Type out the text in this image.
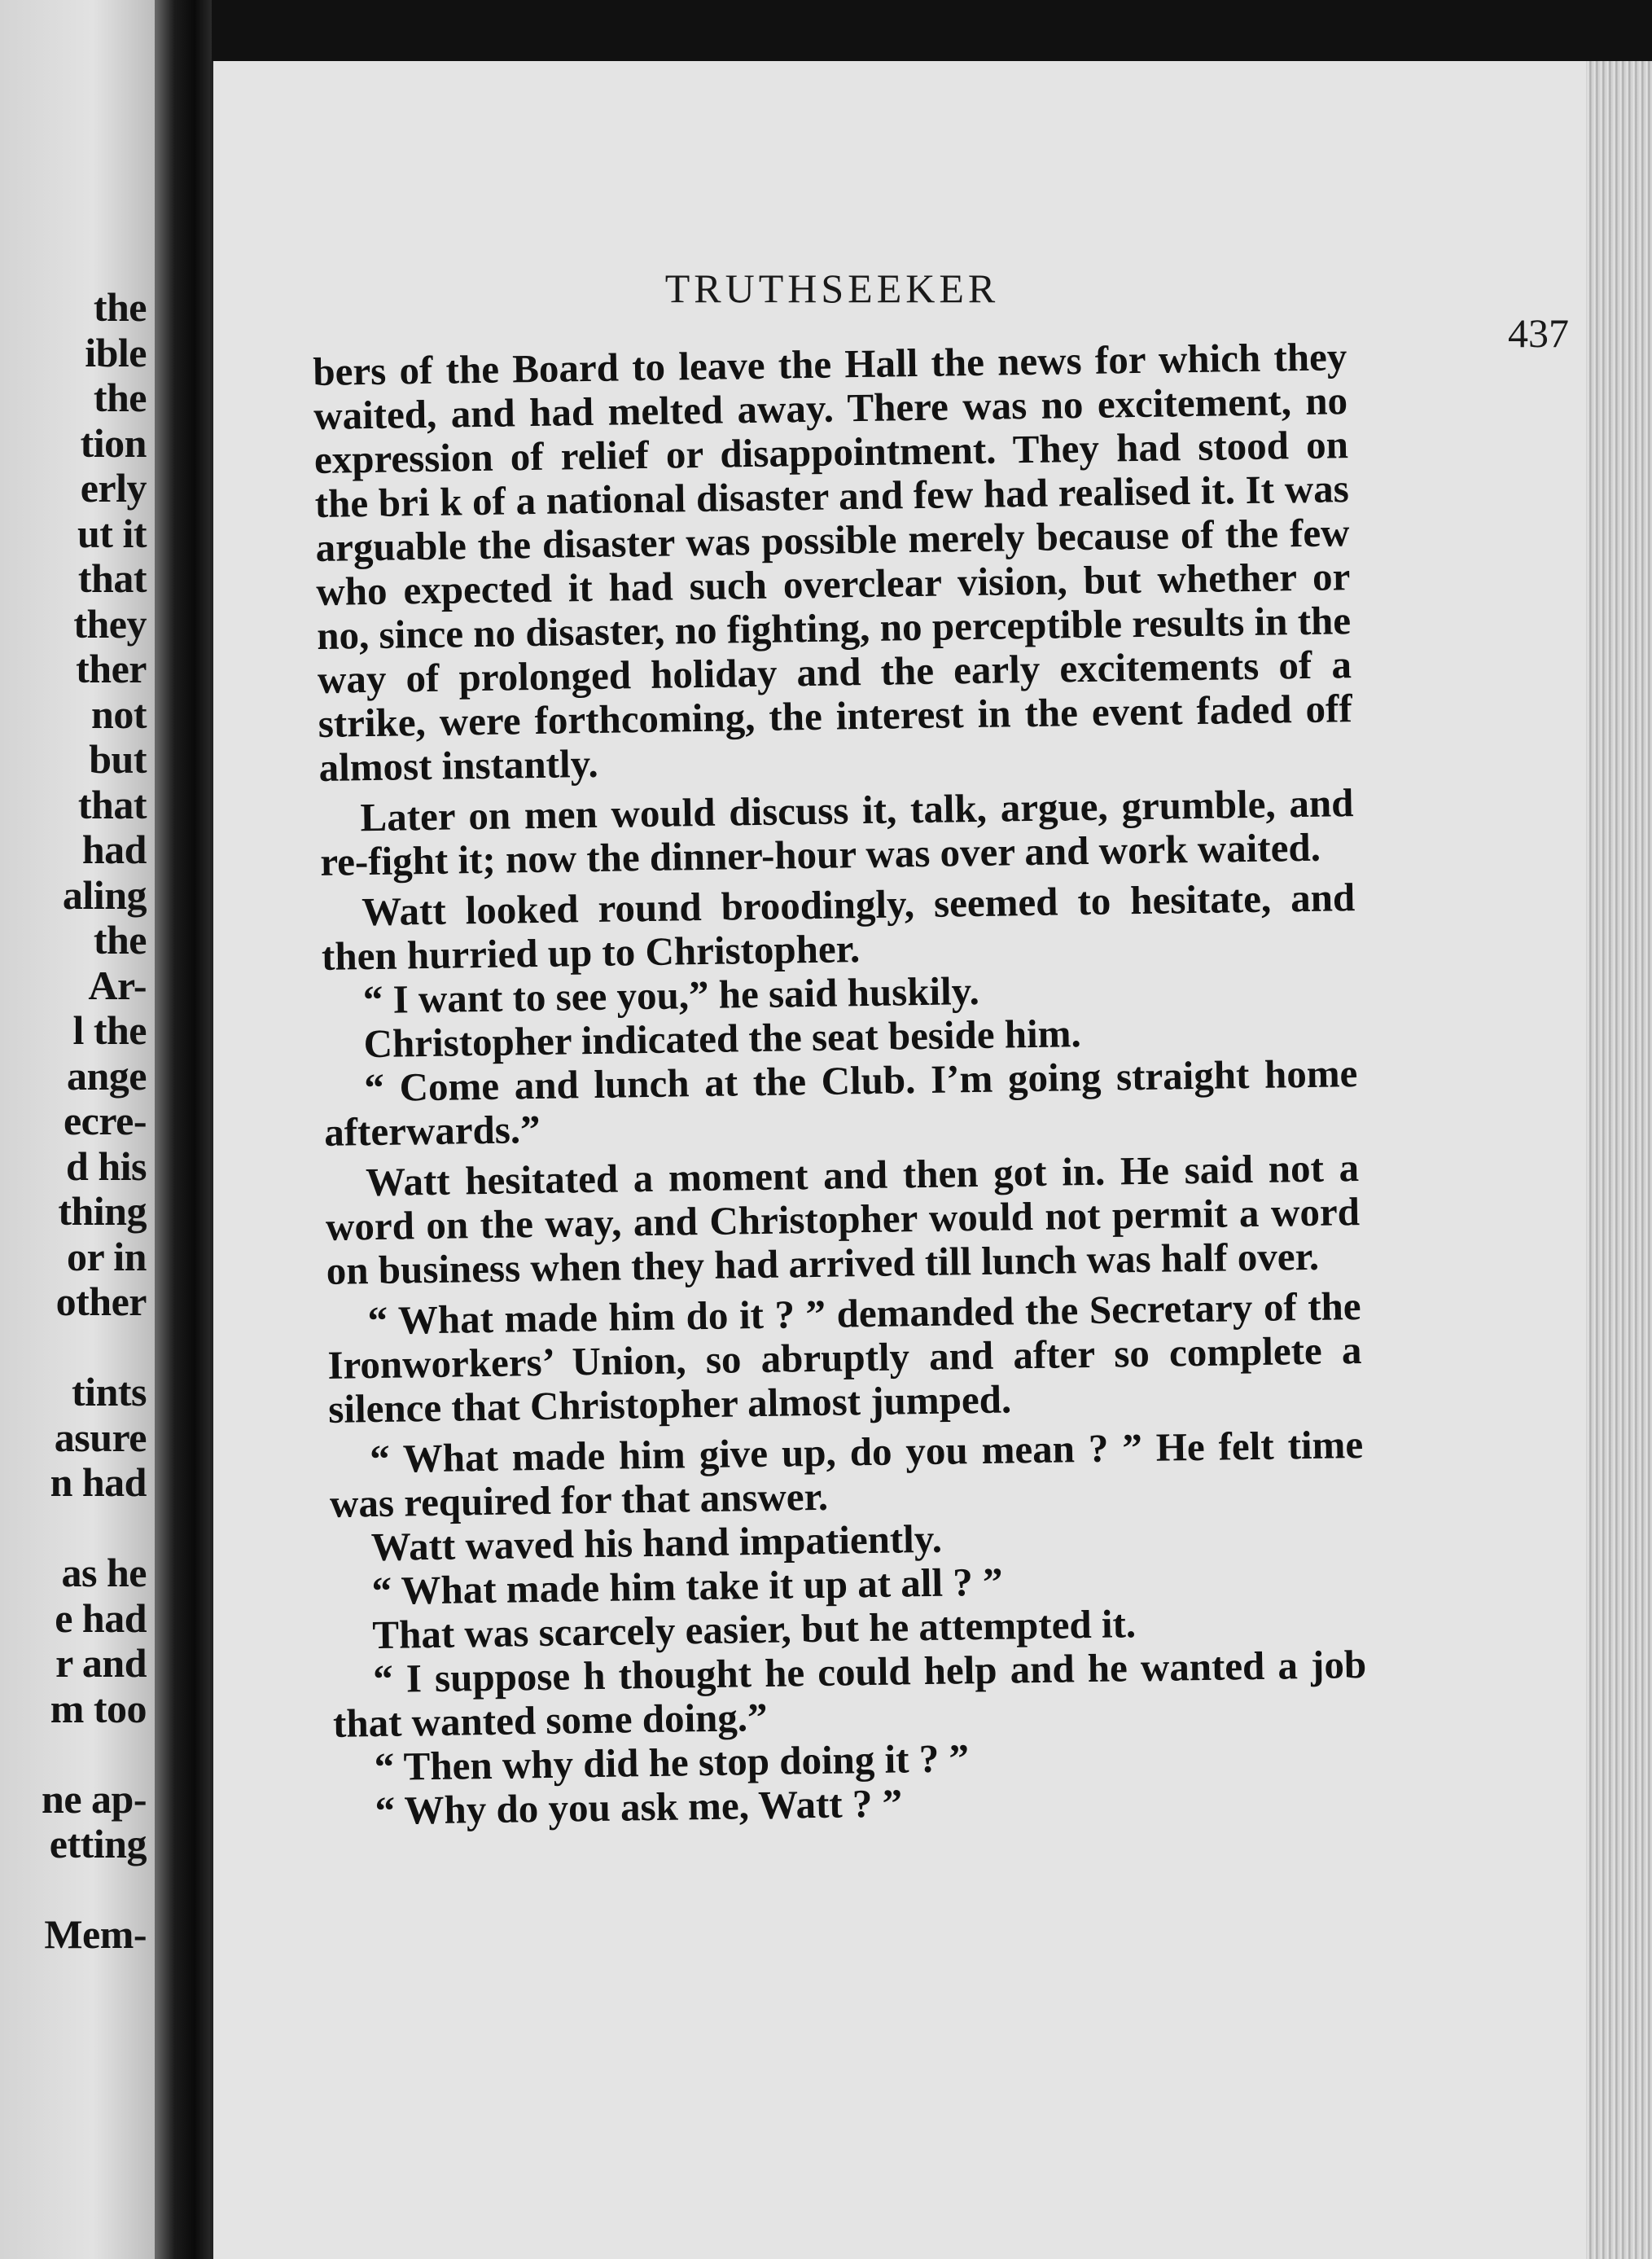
the
ible
the
tion
erly
ut it
that
they
ther
not
but
that
had
aling
the
Ar-
l the
ange
ecre-
d his
thing
or in
other
tints
asure
n had
as he
e had
r and
m too
ne ap-
etting
Mem-
TRUTHSEEKER
437

bers of the Board to leave the Hall the news for which they waited, and had melted away. There was no excitement, no expression of relief or disappointment. They had stood on the bri k of a national disaster and few had realised it. It was arguable the disaster was possible merely because of the few who expected it had such overclear vision, but whether or no, since no disaster, no fighting, no perceptible results in the way of prolonged holiday and the early excitements of a strike, were forthcoming, the interest in the event faded off almost instantly.

Later on men would discuss it, talk, argue, grumble, and re-fight it; now the dinner-hour was over and work waited.

Watt looked round broodingly, seemed to hesitate, and then hurried up to Christopher.

“ I want to see you,” he said huskily.

Christopher indicated the seat beside him.

“ Come and lunch at the Club. I’m going straight home afterwards.”

Watt hesitated a moment and then got in. He said not a word on the way, and Christopher would not permit a word on business when they had arrived till lunch was half over.

“ What made him do it ? ” demanded the Secretary of the Ironworkers’ Union, so abruptly and after so complete a silence that Christopher almost jumped.

“ What made him give up, do you mean ? ” He felt time was required for that answer.

Watt waved his hand impatiently.

“ What made him take it up at all ? ”

That was scarcely easier, but he attempted it.

“ I suppose h thought he could help and he wanted a job that wanted some doing.”

“ Then why did he stop doing it ? ”

“ Why do you ask me, Watt ? ”
